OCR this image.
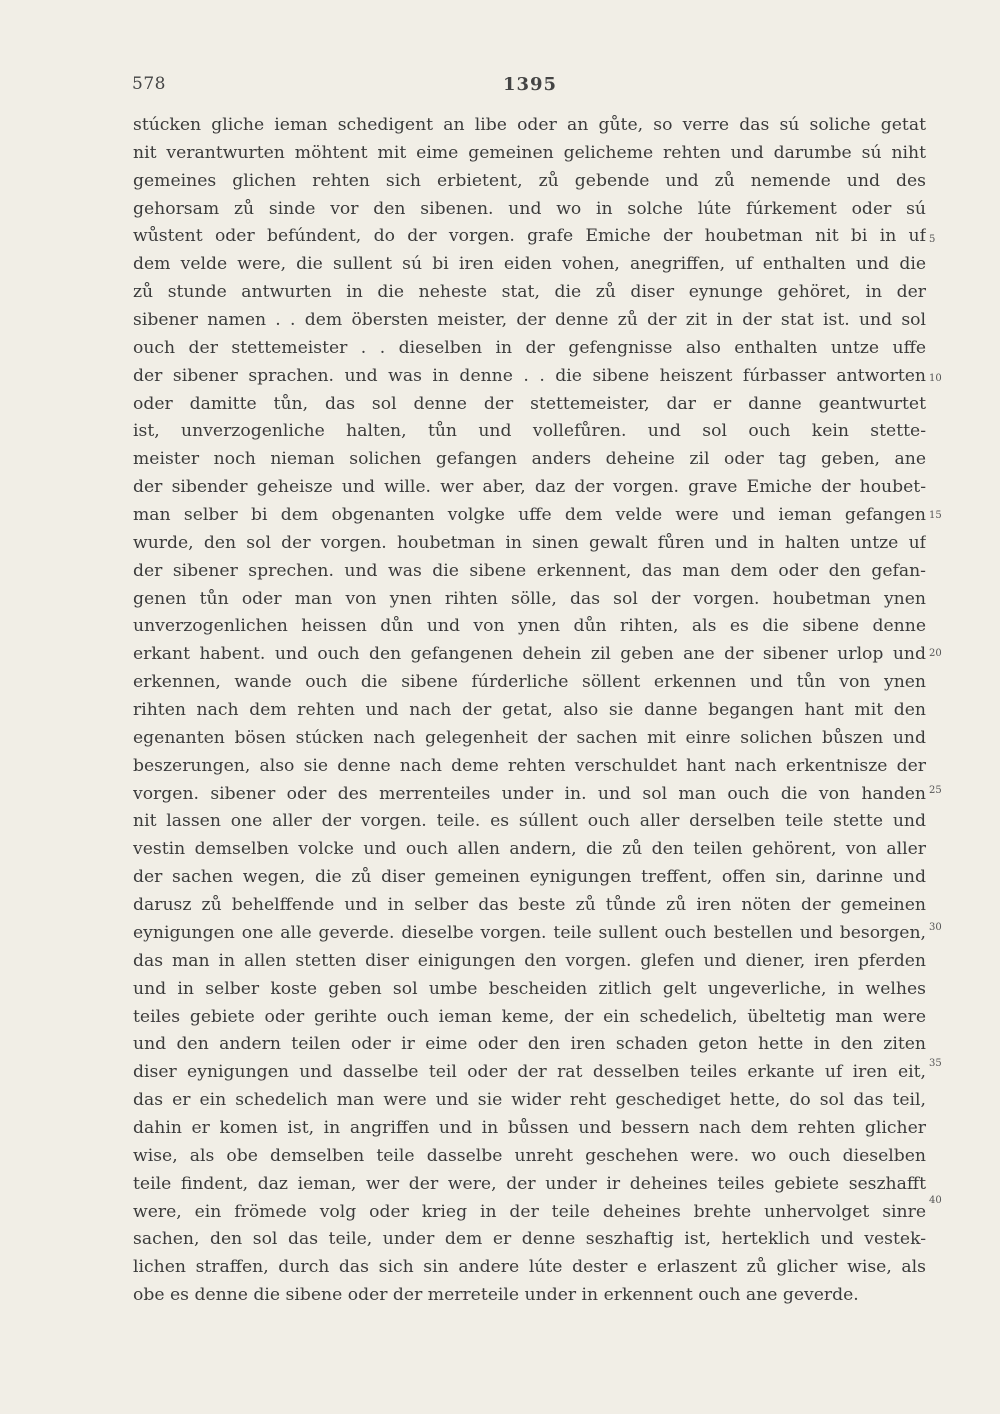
578	1395
stúcken gliche ieman schedigent an libe oder an gůte, so verre das sú soliche getat
nit verantwurten möhtent mit eime gemeinen gelicheme rehten und darumbe sú niht
gemeines glichen rehten sich erbietent, zů gebende und zů nemende und des
gehorsam zů sinde vor den sibenen. und wo in solche lúte fúrkement oder sú
wůstent oder befúndent, do der vorgen. grafe Emiche der houbetman nit bi in uf
dem velde were, die sullent sú bi iren eiden vohen, anegriffen, uf enthalten und die
zů stunde antwurten in die neheste stat, die zů diser eynunge gehöret, in der
sibener namen . . dem öbersten meister, der denne zů der zit in der stat ist. und sol
ouch der stettemeister . . dieselben in der gefengnisse also enthalten untze uffe
der sibener sprachen. und was in denne . . die sibene heiszent fúrbasser antworten
oder damitte tůn, das sol denne der stettemeister, dar er danne geantwurtet
ist, unverzogenliche halten, tůn und vollefůren. und sol ouch kein stette-
meister noch nieman solichen gefangen anders deheine zil oder tag geben, ane
der sibender geheisze und wille. wer aber, daz der vorgen. grave Emiche der houbet-
man selber bi dem obgenanten volgke uffe dem velde were und ieman gefangen
wurde, den sol der vorgen. houbetman in sinen gewalt fůren und in halten untze uf
der sibener sprechen. und was die sibene erkennent, das man dem oder den gefan-
genen tůn oder man von ynen rihten sölle, das sol der vorgen. houbetman ynen
unverzogenlichen heissen důn und von ynen důn rihten, als es die sibene denne
erkant habent. und ouch den gefangenen dehein zil geben ane der sibener urlop und
erkennen, wande ouch die sibene fúrderliche söllent erkennen und tůn von ynen
rihten nach dem rehten und nach der getat, also sie danne begangen hant mit den
egenanten bösen stúcken nach gelegenheit der sachen mit einre solichen bůszen und
beszerungen, also sie denne nach deme rehten verschuldet hant nach erkentnisze der
vorgen. sibener oder des merrenteiles under in. und sol man ouch die von handen
nit lassen one aller der vorgen. teile. es súllent ouch aller derselben teile stette und
vestin demselben volcke und ouch allen andern, die zů den teilen gehörent, von aller
der sachen wegen, die zů diser gemeinen eynigungen treffent, offen sin, darinne und
darusz zů behelffende und in selber das beste zů tůnde zů iren nöten der gemeinen
eynigungen one alle geverde. dieselbe vorgen. teile sullent ouch bestellen und besorgen,
das man in allen stetten diser einigungen den vorgen. glefen und diener, iren pferden
und in selber koste geben sol umbe bescheiden zitlich gelt ungeverliche, in welhes
teiles gebiete oder gerihte ouch ieman keme, der ein schedelich, übeltetig man were
und den andern teilen oder ir eime oder den iren schaden geton hette in den ziten
diser eynigungen und dasselbe teil oder der rat desselben teiles erkante uf iren eit,
das er ein schedelich man were und sie wider reht geschediget hette, do sol das teil,
dahin er komen ist, in angriffen und in bůssen und bessern nach dem rehten glicher
wise, als obe demselben teile dasselbe unreht geschehen were. wo ouch dieselben
teile findent, daz ieman, wer der were, der under ir deheines teiles gebiete seszhafft
were, ein frömede volg oder krieg in der teile deheines brehte unhervolget sinre
sachen, den sol das teile, under dem er denne seszhaftig ist, herteklich und vestek-
lichen straffen, durch das sich sin andere lúte dester e erlaszent zů glicher wise, als
obe es denne die sibene oder der merreteile under in erkennent ouch ane geverde.
5
10
15
20
25
30
35
40
